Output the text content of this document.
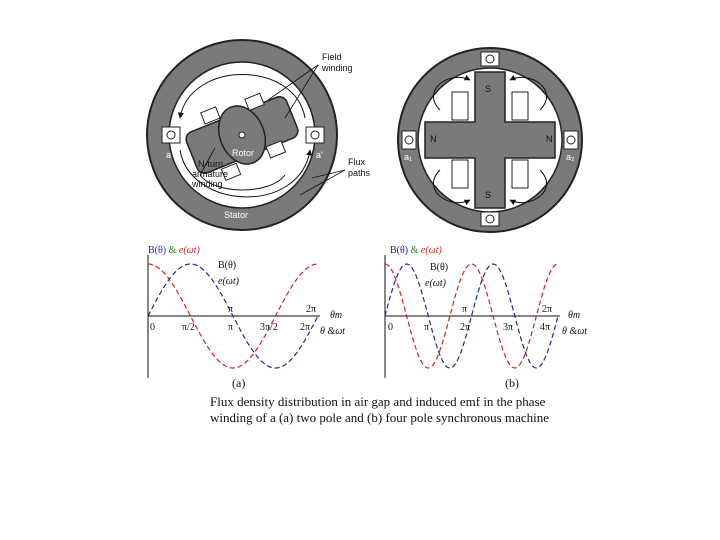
Field
winding
Rotor
N-turn
armature
winding
Flux
paths
Stator
a	a'
S
S
N	N
a₁	a₂
B(θ) & e(ωt)
B(θ)
e(ωt)
π	2π
0	π/2	π	3π/2 2π
θm
θ &ωt
B(θ) & e(ωt)
B(θ)
e(ωt)
π	2π
0	π	2π	3π	4π
θm
θ &ωt
(a)	(b)
Flux density distribution in air gap and induced emf in the phase
winding of a (a) two pole and (b) four pole synchronous machine
